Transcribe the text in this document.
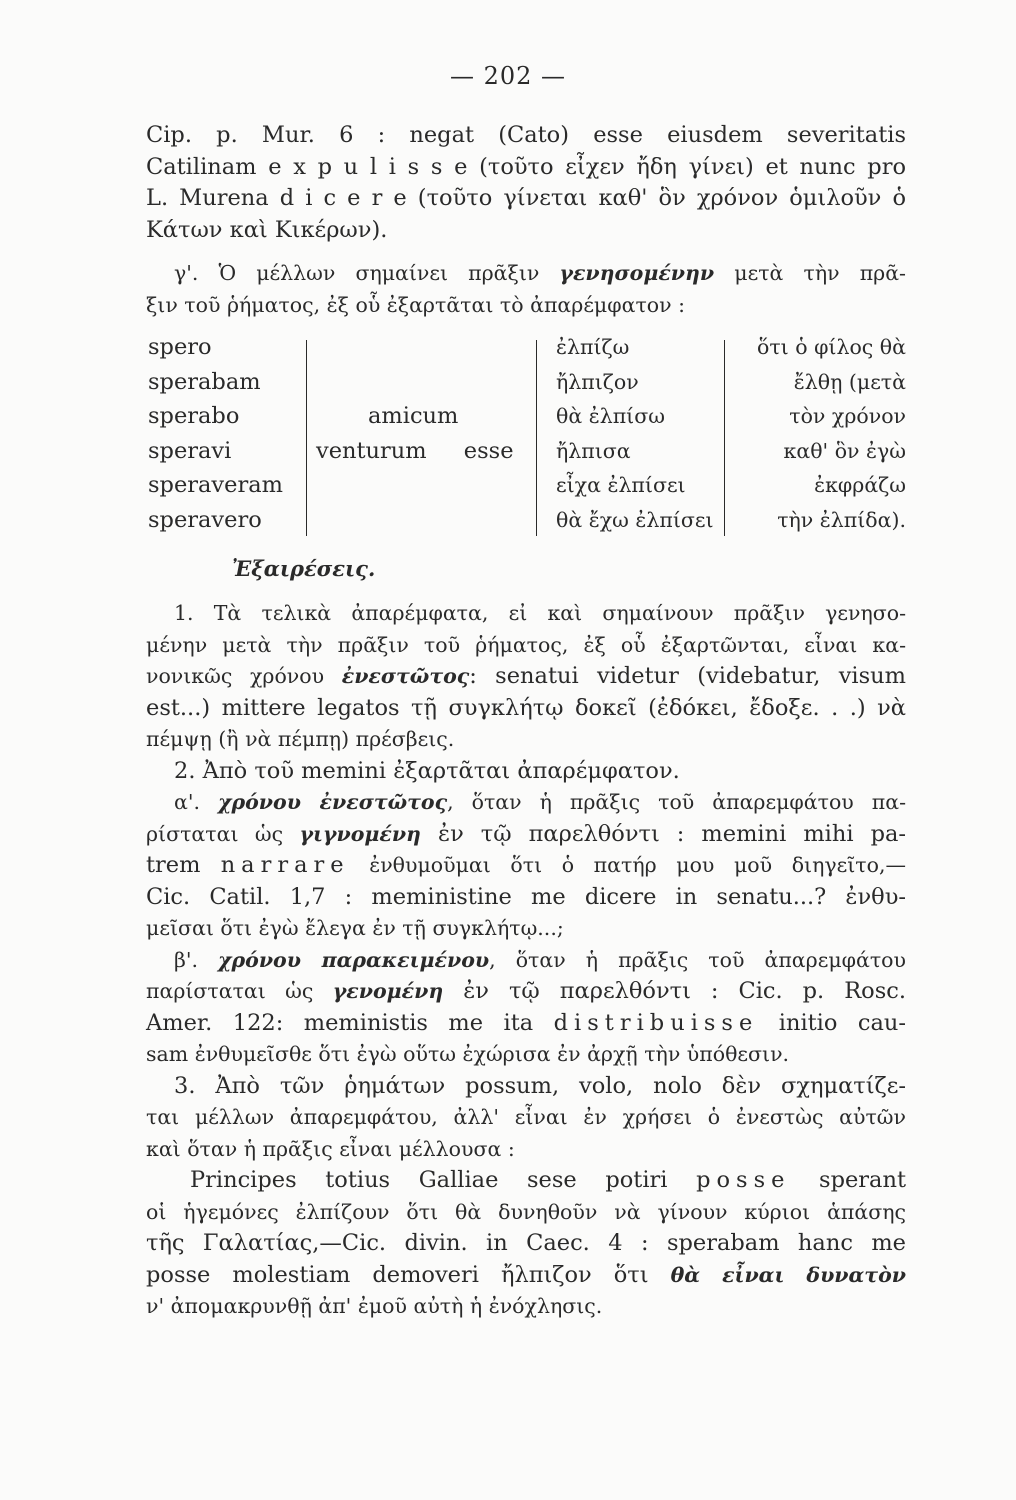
— 202 —
Cip. p. Mur. 6 : negat (Cato) esse eiusdem severitatis
Catilinam e x p u l i s s e (τοῦτο εἶχεν ἤδη γίνει) et nunc pro
L. Murena d i c e r e (τοῦτο γίνεται καθ' ὃν χρόνον ὁμιλοῦν ὁ
Κάτων καὶ Κικέρων).
γ'. Ὁ μέλλων σημαίνει πρᾶξιν γενησομένην μετὰ τὴν πρᾶ-
ξιν τοῦ ῥήματος, ἐξ οὗ ἐξαρτᾶται τὸ ἀπαρέμφατον :
spero
sperabam
sperabo
speravi
speraveram
speravero
amicum
venturum esse
ἐλπίζω
ἤλπιζον
θὰ ἐλπίσω
ἤλπισα
εἶχα ἐλπίσει
θὰ ἔχω ἐλπίσει
ὅτι ὁ φίλος θὰ
ἔλθῃ (μετὰ
τὸν χρόνον
καθ' ὃν ἐγὼ
ἐκφράζω
τὴν ἐλπίδα).
Ἐξαιρέσεις.
1. Τὰ τελικὰ ἀπαρέμφατα, εἰ καὶ σημαίνουν πρᾶξιν γενησο-
μένην μετὰ τὴν πρᾶξιν τοῦ ῥήματος, ἐξ οὗ ἐξαρτῶνται, εἶναι κα-
νονικῶς χρόνου ἐνεστῶτος: senatui videtur (videbatur, visum
est...) mittere legatos τῇ συγκλήτῳ δοκεῖ (ἐδόκει, ἔδοξε. . .) νὰ
πέμψῃ (ἢ νὰ πέμπῃ) πρέσβεις.
2. Ἀπὸ τοῦ memini ἐξαρτᾶται ἀπαρέμφατον.
α'. χρόνου ἐνεστῶτος, ὅταν ἡ πρᾶξις τοῦ ἀπαρεμφάτου πα-
ρίσταται ὡς γιγνομένη ἐν τῷ παρελθόντι : memini mihi pa-
trem narrare ἐνθυμοῦμαι ὅτι ὁ πατήρ μου μοῦ διηγεῖτο,—
Cic. Catil. 1,7 : meministine me dicere in senatu...? ἐνθυ-
μεῖσαι ὅτι ἐγὼ ἔλεγα ἐν τῇ συγκλήτῳ...;
β'. χρόνου παρακειμένου, ὅταν ἡ πρᾶξις τοῦ ἀπαρεμφάτου
παρίσταται ὡς γενομένη ἐν τῷ παρελθόντι : Cic. p. Rosc.
Amer. 122: meministis me ita distribuisse initio cau-
sam ἐνθυμεῖσθε ὅτι ἐγὼ οὕτω ἐχώρισα ἐν ἀρχῇ τὴν ὑπόθεσιν.
3. Ἀπὸ τῶν ῥημάτων possum, volo, nolo δὲν σχηματίζε-
ται μέλλων ἀπαρεμφάτου, ἀλλ' εἶναι ἐν χρήσει ὁ ἐνεστὼς αὐτῶν
καὶ ὅταν ἡ πρᾶξις εἶναι μέλλουσα :
Principes totius Galliae sese potiri posse sperant
οἱ ἡγεμόνες ἐλπίζουν ὅτι θὰ δυνηθοῦν νὰ γίνουν κύριοι ἁπάσης
τῆς Γαλατίας,—Cic. divin. in Caec. 4 : sperabam hanc me
posse molestiam demoveri ἤλπιζον ὅτι θὰ εἶναι δυνατὸν
ν' ἀπομακρυνθῇ ἀπ' ἐμοῦ αὐτὴ ἡ ἐνόχλησις.
